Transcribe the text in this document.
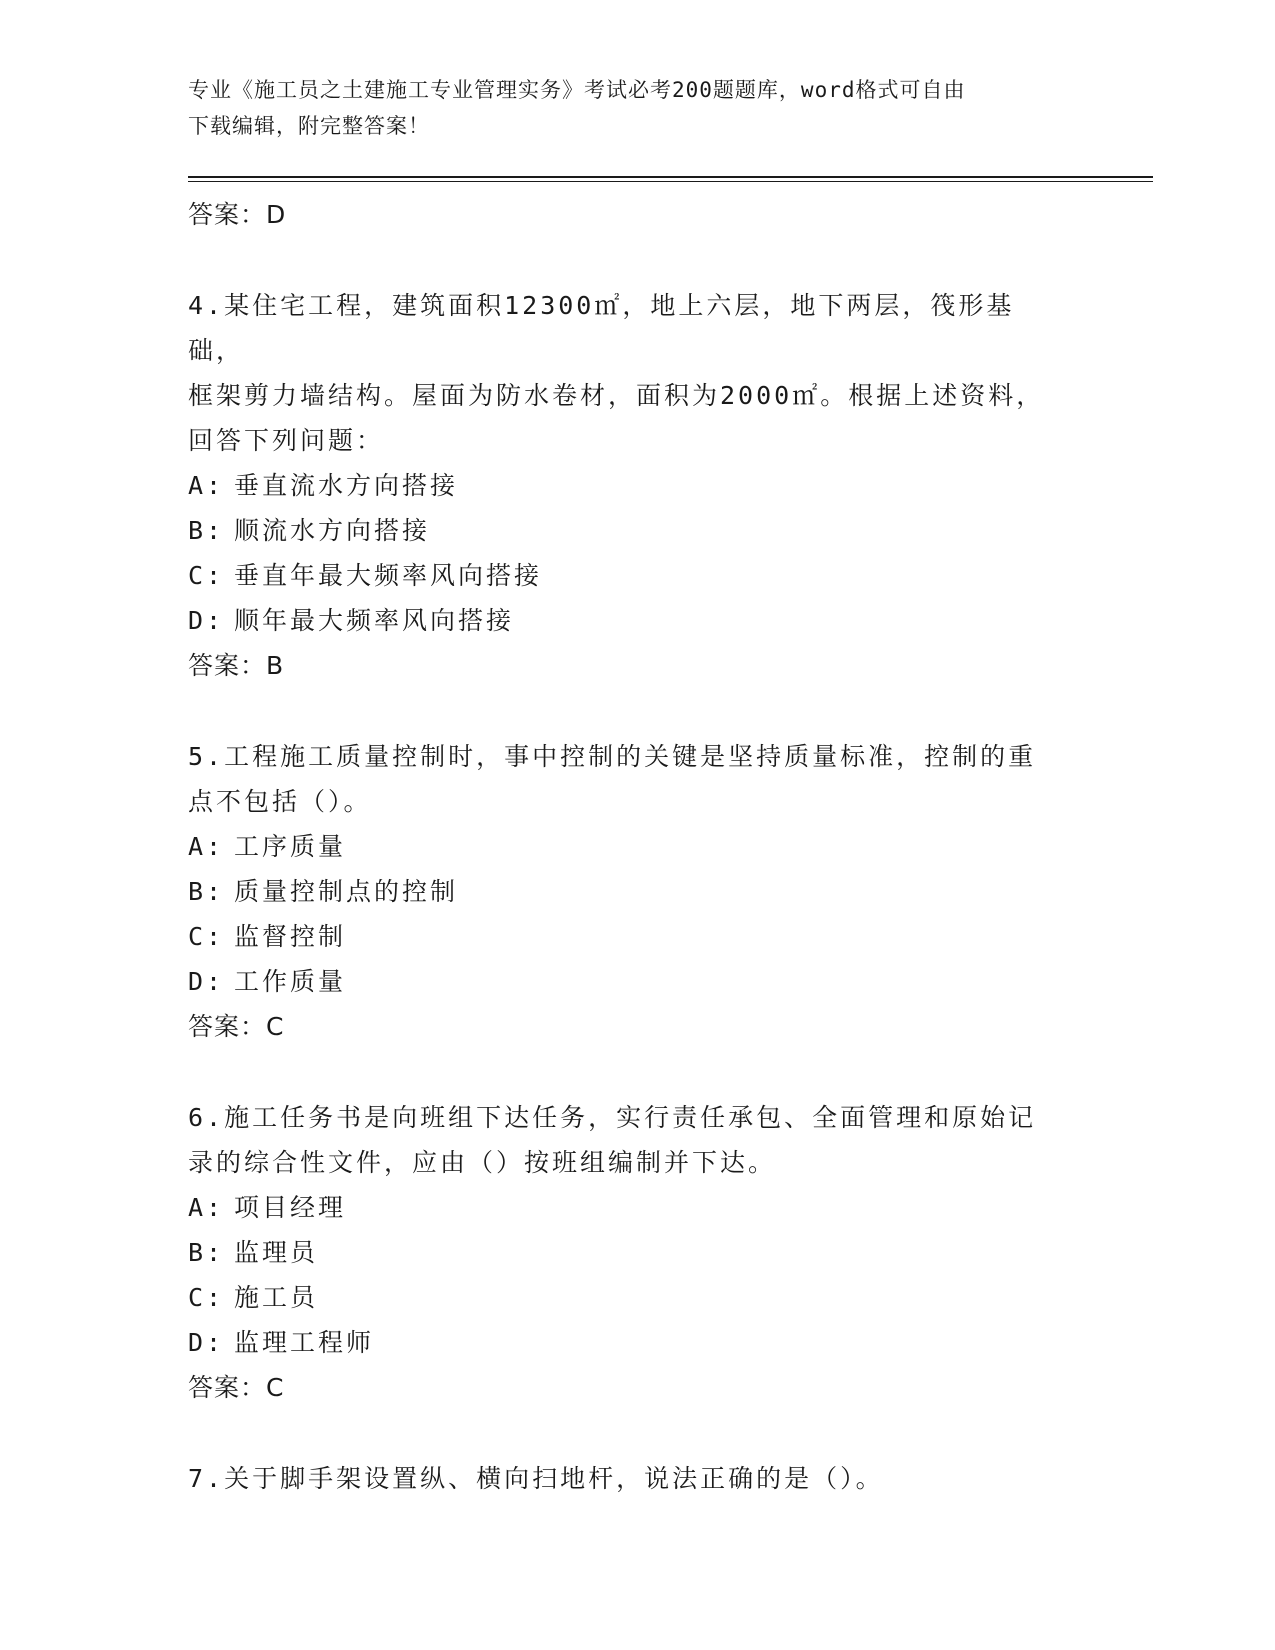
专业《施工员之土建施工专业管理实务》考试必考200题题库，word格式可自由
下载编辑，附完整答案！
答案：D
4.某住宅工程，建筑面积12300㎡，地上六层，地下两层，筏形基础，
框架剪力墙结构。屋面为防水卷材，面积为2000㎡。根据上述资料，
回答下列问题：
A: 垂直流水方向搭接
B: 顺流水方向搭接
C: 垂直年最大频率风向搭接
D: 顺年最大频率风向搭接
答案：B
5.工程施工质量控制时，事中控制的关键是坚持质量标准，控制的重
点不包括（）。
A: 工序质量
B: 质量控制点的控制
C: 监督控制
D: 工作质量
答案：C
6.施工任务书是向班组下达任务，实行责任承包、全面管理和原始记
录的综合性文件，应由（）按班组编制并下达。
A: 项目经理
B: 监理员
C: 施工员
D: 监理工程师
答案：C
7.关于脚手架设置纵、横向扫地杆，说法正确的是（）。
